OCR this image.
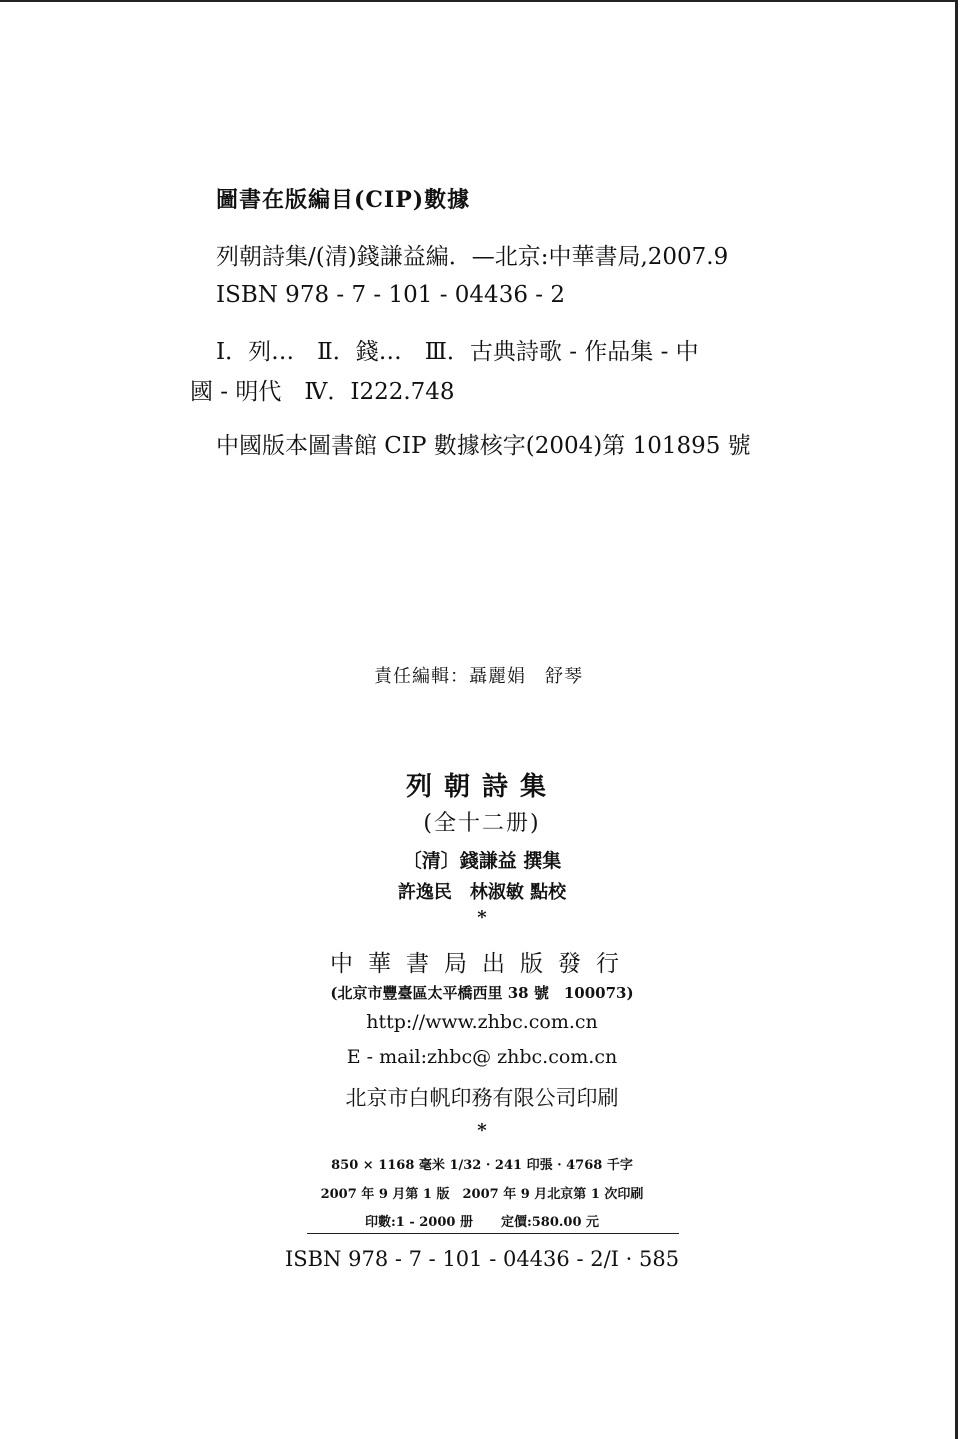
圖書在版編目(CIP)數據

列朝詩集/(清)錢謙益編．—北京:中華書局,2007.9

ISBN 978 - 7 - 101 - 04436 - 2

Ⅰ．列…　Ⅱ．錢…　Ⅲ．古典詩歌 - 作品集 - 中

國 - 明代　Ⅳ．I222.748

中國版本圖書館 CIP 數據核字(2004)第 101895 號

責任編輯：聶麗娟　舒琴

列朝詩集

(全十二册)

〔清〕錢謙益 撰集

許逸民　林淑敏 點校

*

中華書局出版發行

(北京市豐臺區太平橋西里 38 號　100073)

http://www.zhbc.com.cn

E - mail:zhbc@ zhbc.com.cn

北京市白帆印務有限公司印刷

*

850 × 1168 毫米 1/32 · 241 印張 · 4768 千字

2007 年 9 月第 1 版　2007 年 9 月北京第 1 次印刷

印數:1 - 2000 册 定價:580.00 元

ISBN 978 - 7 - 101 - 04436 - 2/I · 585
